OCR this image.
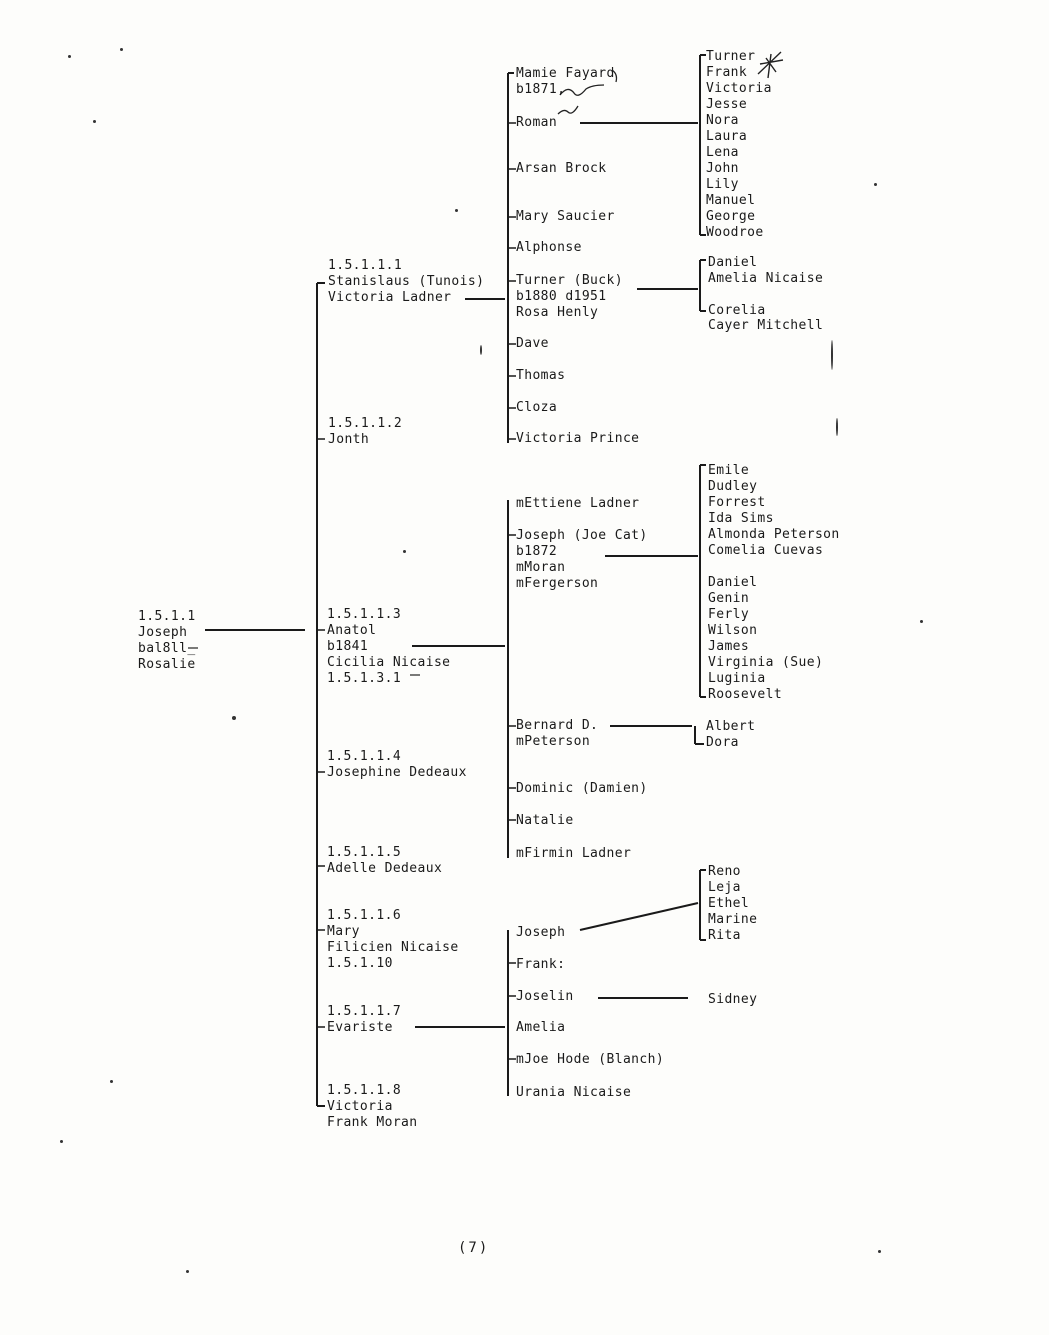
1.5.1.1
Joseph
bal8ll_
Rosalie
1.5.1.1.1
Stanislaus (Tunois)
Victoria Ladner
1.5.1.1.2
Jonth
1.5.1.1.3
Anatol
b1841
Cicilia Nicaise
1.5.1.3.1
1.5.1.1.4
Josephine Dedeaux
1.5.1.1.5
Adelle Dedeaux
1.5.1.1.6
Mary
Filicien Nicaise
1.5.1.10
1.5.1.1.7
Evariste
1.5.1.1.8
Victoria
Frank Moran
Mamie Fayard
b1871,
Roman
Arsan Brock
Mary Saucier
Alphonse
Turner (Buck)
b1880 d1951
Rosa Henly
Dave
Thomas
Cloza
Victoria Prince
Turner
Frank
Victoria
Jesse
Nora
Laura
Lena
John
Lily
Manuel
George
Woodroe
Daniel
Amelia Nicaise
Corelia
Cayer Mitchell
mEttiene Ladner
Joseph (Joe Cat)
b1872
mMoran
mFergerson
Bernard D.
mPeterson
Dominic (Damien)
Natalie
mFirmin Ladner
Emile
Dudley
Forrest
Ida Sims
Almonda Peterson
Comelia Cuevas
Daniel
Genin
Ferly
Wilson
James
Virginia (Sue)
Luginia
Roosevelt
Albert
Dora
Joseph
Frank:
Joselin
Amelia
mJoe Hode (Blanch)
Urania Nicaise
Reno
Leja
Ethel
Marine
Rita
Sidney
(7)
